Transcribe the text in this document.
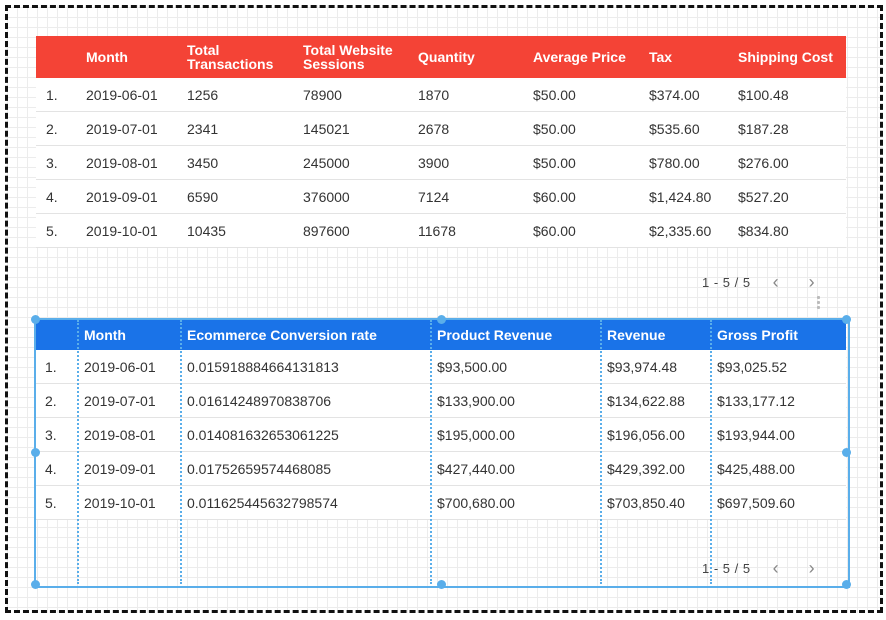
	Month	Total Transactions	Total Website Sessions	Quantity	Average Price	Tax	Shipping Cost
1.	2019-06-01	1256	78900	1870	$50.00	$374.00	$100.48
2.	2019-07-01	2341	145021	2678	$50.00	$535.60	$187.28
3.	2019-08-01	3450	245000	3900	$50.00	$780.00	$276.00
4.	2019-09-01	6590	376000	7124	$60.00	$1,424.80	$527.20
5.	2019-10-01	10435	897600	11678	$60.00	$2,335.60	$834.80
1 - 5 / 5	‹	›
	Month	Ecommerce Conversion rate	Product Revenue	Revenue	Gross Profit
1.	2019-06-01	0.015918884664131813	$93,500.00	$93,974.48	$93,025.52
2.	2019-07-01	0.01614248970838706	$133,900.00	$134,622.88	$133,177.12
3.	2019-08-01	0.014081632653061225	$195,000.00	$196,056.00	$193,944.00
4.	2019-09-01	0.01752659574468085	$427,440.00	$429,392.00	$425,488.00
5.	2019-10-01	0.011625445632798574	$700,680.00	$703,850.40	$697,509.60
1 - 5 / 5	‹	›
